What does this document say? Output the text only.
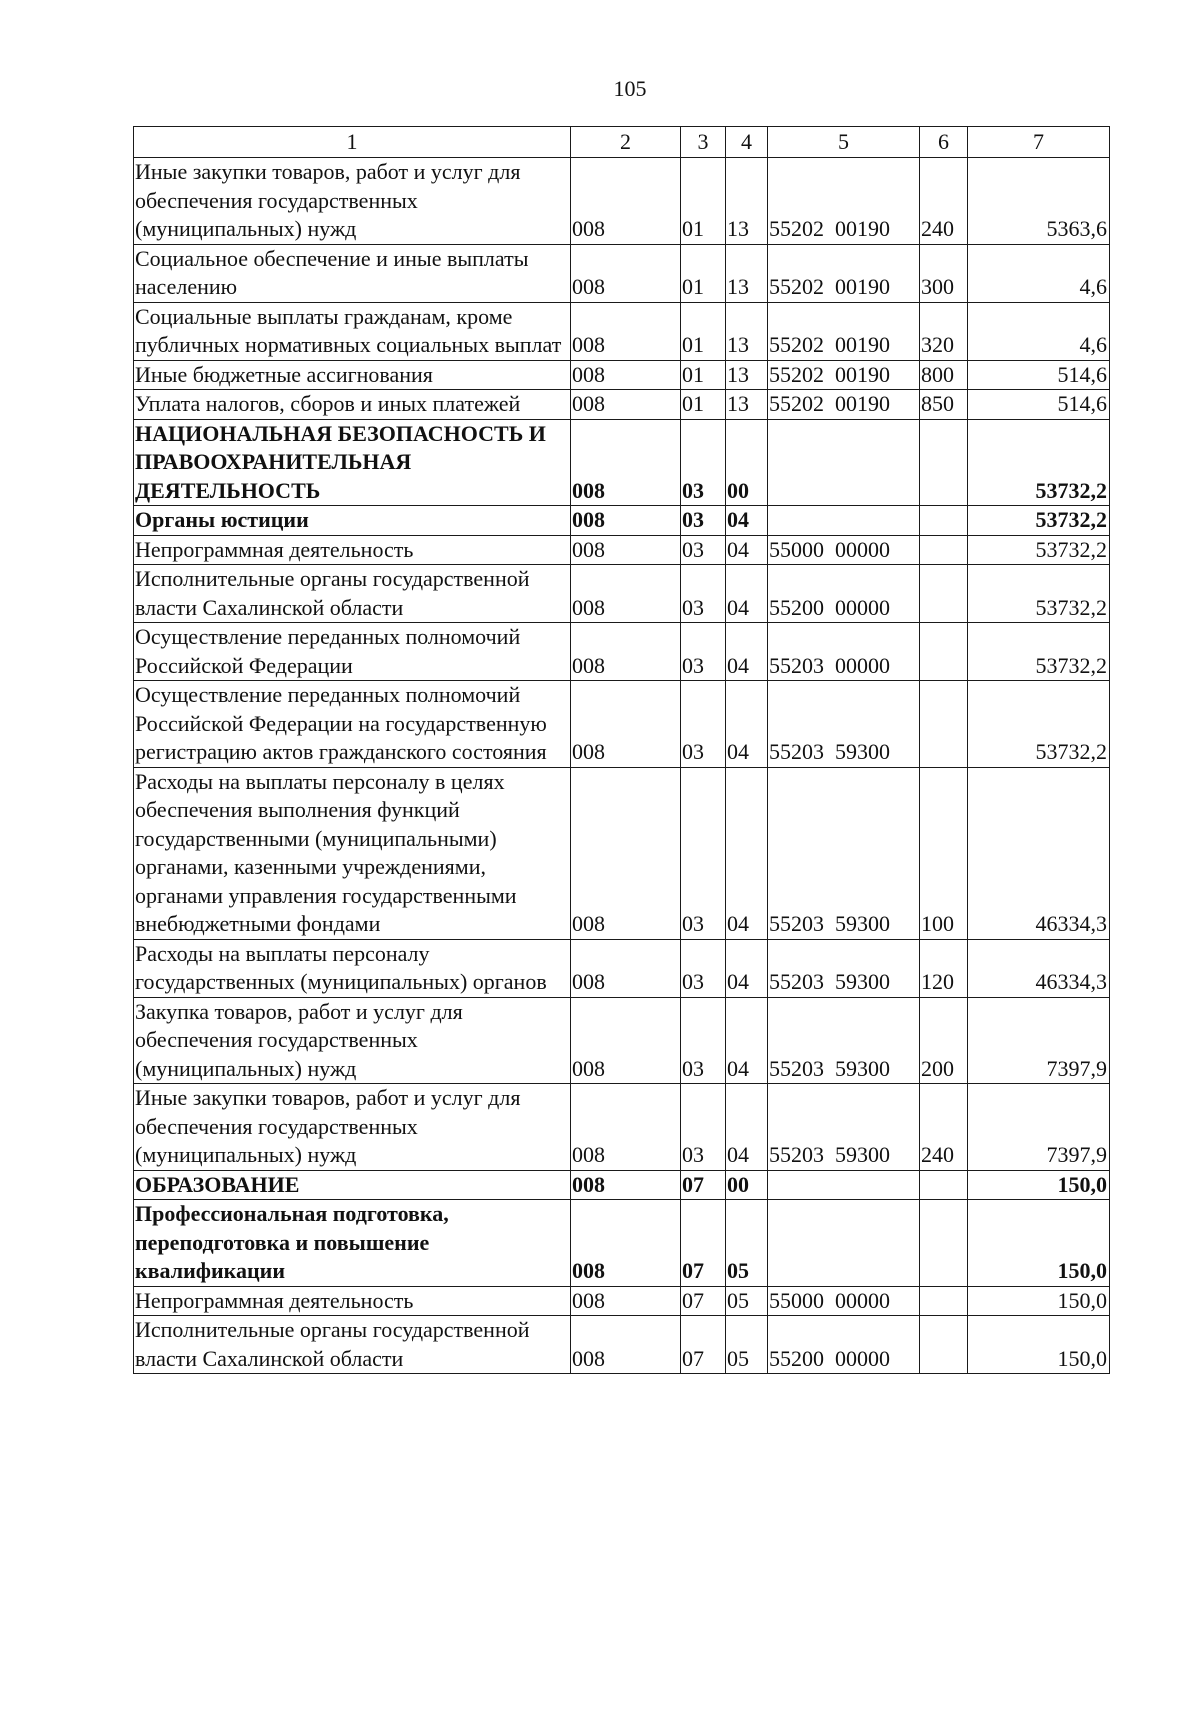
105
1	2	3	4	5	6	7
Иные закупки товаров, работ и услуг для обеспечения государственных (муниципальных) нужд	008	01	13	55202  00190	240	5363,6
Социальное обеспечение и иные выплаты населению	008	01	13	55202  00190	300	4,6
Социальные выплаты гражданам, кроме публичных нормативных социальных выплат	008	01	13	55202  00190	320	4,6
Иные бюджетные ассигнования	008	01	13	55202  00190	800	514,6
Уплата налогов, сборов и иных платежей	008	01	13	55202  00190	850	514,6
НАЦИОНАЛЬНАЯ БЕЗОПАСНОСТЬ И ПРАВООХРАНИТЕЛЬНАЯ ДЕЯТЕЛЬНОСТЬ	008	03	00			53732,2
Органы юстиции	008	03	04			53732,2
Непрограммная деятельность	008	03	04	55000  00000		53732,2
Исполнительные органы государственной власти Сахалинской области	008	03	04	55200  00000		53732,2
Осуществление переданных полномочий Российской Федерации	008	03	04	55203  00000		53732,2
Осуществление переданных полномочий Российской Федерации на государственную регистрацию актов гражданского состояния	008	03	04	55203  59300		53732,2
Расходы на выплаты персоналу в целях обеспечения выполнения функций государственными (муниципальными) органами, казенными учреждениями, органами управления государственными внебюджетными фондами	008	03	04	55203  59300	100	46334,3
Расходы на выплаты персоналу государственных (муниципальных) органов	008	03	04	55203  59300	120	46334,3
Закупка товаров, работ и услуг для обеспечения государственных (муниципальных) нужд	008	03	04	55203  59300	200	7397,9
Иные закупки товаров, работ и услуг для обеспечения государственных (муниципальных) нужд	008	03	04	55203  59300	240	7397,9
ОБРАЗОВАНИЕ	008	07	00			150,0
Профессиональная подготовка, переподготовка и повышение квалификации	008	07	05			150,0
Непрограммная деятельность	008	07	05	55000  00000		150,0
Исполнительные органы государственной власти Сахалинской области	008	07	05	55200  00000		150,0
